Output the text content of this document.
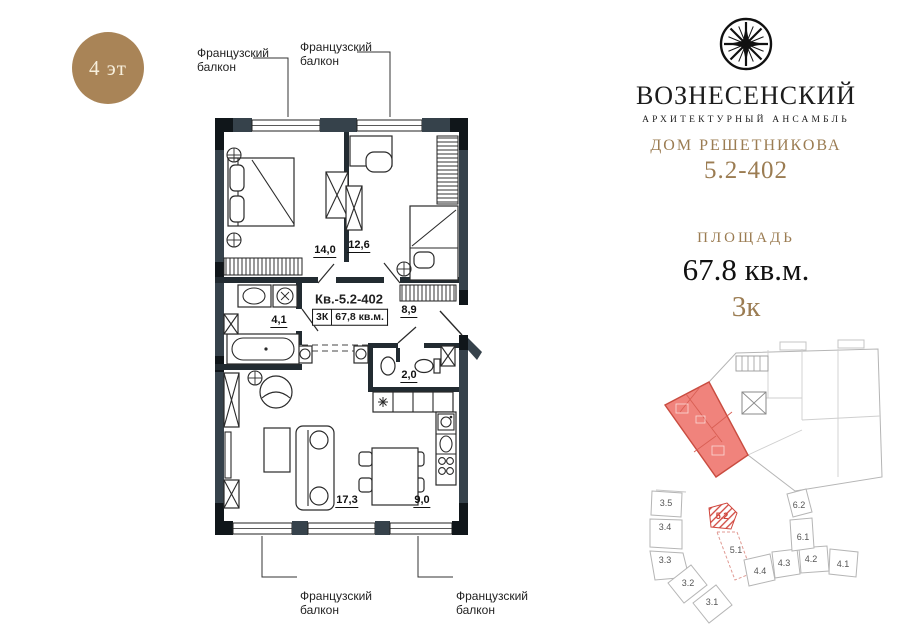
4 эт
Французский
балкон
Французский
балкон
Французский
балкон
Французский
балкон
14,0 12,6
8,9
4,1
2,0
17,3	9,0
Кв.-5.2-402
3К 67,8 кв.м.
ВОЗНЕСЕНСКИЙ
АРХИТЕКТУРНЫЙ АНСАМБЛЬ
ДОМ РЕШЕТНИКОВА
5.2-402
ПЛОЩАДЬ
67.8 кв.м.
3к
3.5
3.4
3.3
3.2
3.1
5.2
5.1
4.4
4.3 4.2 4.1
6.2
6.1
